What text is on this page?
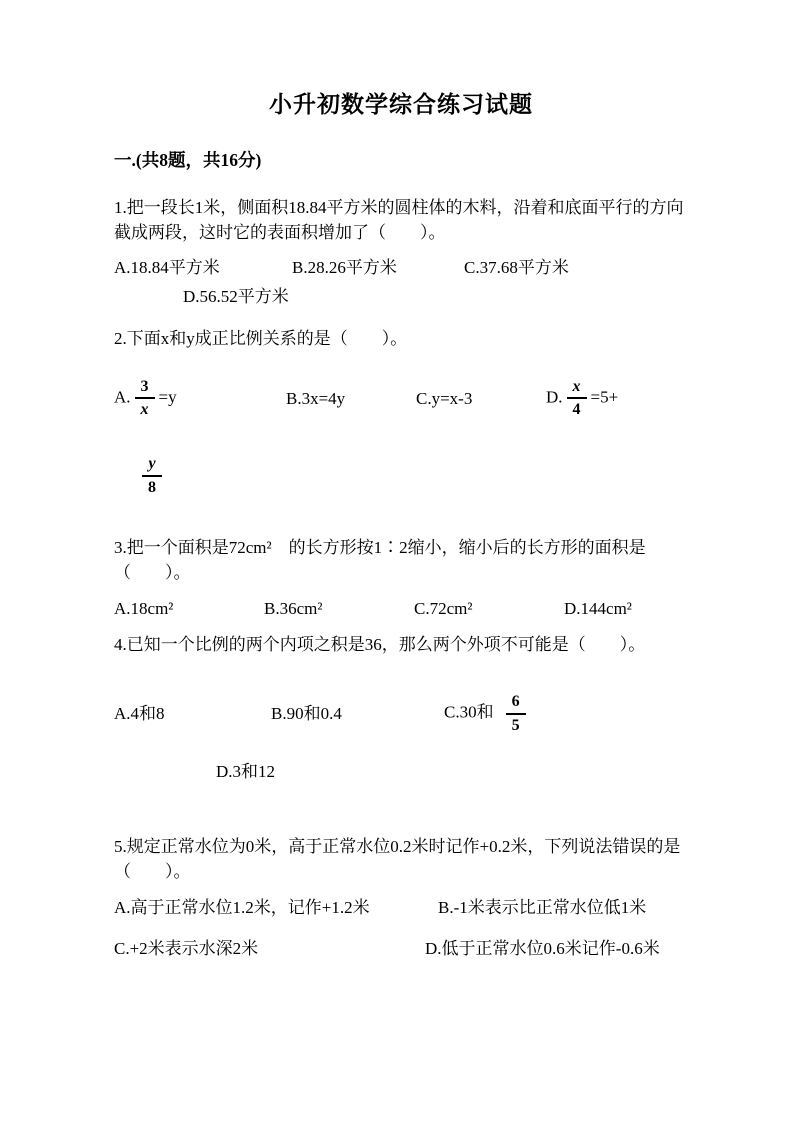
小升初数学综合练习试题
一.(共8题，共16分)

1.把一段长1米，侧面积18.84平方米的圆柱体的木料，沿着和底面平行的方向截成两段，这时它的表面积增加了（　　）。

A.18.84平方米	B.28.26平方米	C.37.68平方米

D.56.52平方米

2.下面x和y成正比例关系的是（　　）。

A. $\frac{3}{x} =y$	B.3x=4y	C.y=x-3	D. $\frac{x}{4} =5+$

$\frac{y}{8}$

3.把一个面积是72cm²　的长方形按1∶2缩小，缩小后的长方形的面积是（　　）。

A.18cm²	B.36cm²	C.72cm²	D.144cm²

4.已知一个比例的两个内项之积是36，那么两个外项不可能是（　　）。

A.4和8	B.90和0.4	C.30和 $\frac{6}{5}$

D.3和12

5.规定正常水位为0米，高于正常水位0.2米时记作+0.2米，下列说法错误的是（　　）。

A.高于正常水位1.2米，记作+1.2米	B.-1米表示比正常水位低1米

C.+2米表示水深2米	D.低于正常水位0.6米记作-0.6米
